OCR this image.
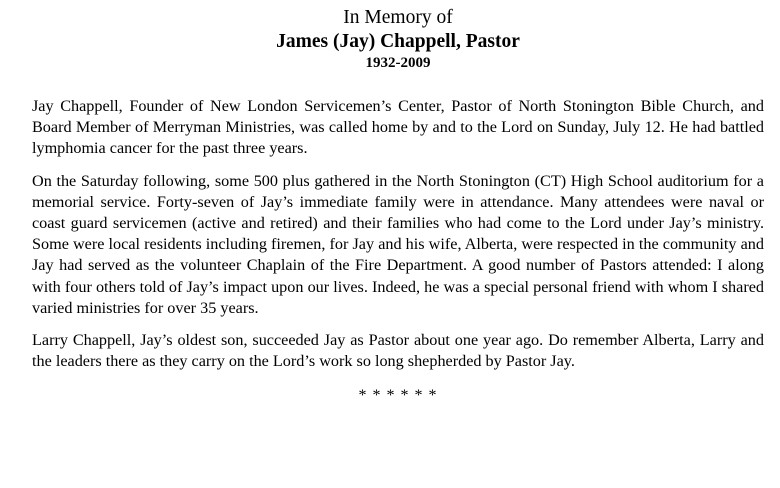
In Memory of
James (Jay) Chappell, Pastor
1932-2009

Jay Chappell, Founder of New London Servicemen’s Center, Pastor of North Stonington Bible Church, and Board Member of Merryman Ministries, was called home by and to the Lord on Sunday, July 12. He had battled lymphomia cancer for the past three years.

On the Saturday following, some 500 plus gathered in the North Stonington (CT) High School auditorium for a memorial service. Forty-seven of Jay’s immediate family were in attendance. Many attendees were naval or coast guard servicemen (active and retired) and their families who had come to the Lord under Jay’s ministry. Some were local residents including firemen, for Jay and his wife, Alberta, were respected in the community and Jay had served as the volunteer Chaplain of the Fire Department. A good number of Pastors attended: I along with four others told of Jay’s impact upon our lives. Indeed, he was a special personal friend with whom I shared varied ministries for over 35 years.

Larry Chappell, Jay’s oldest son, succeeded Jay as Pastor about one year ago. Do remember Alberta, Larry and the leaders there as they carry on the Lord’s work so long shepherded by Pastor Jay.

* * * * * *
